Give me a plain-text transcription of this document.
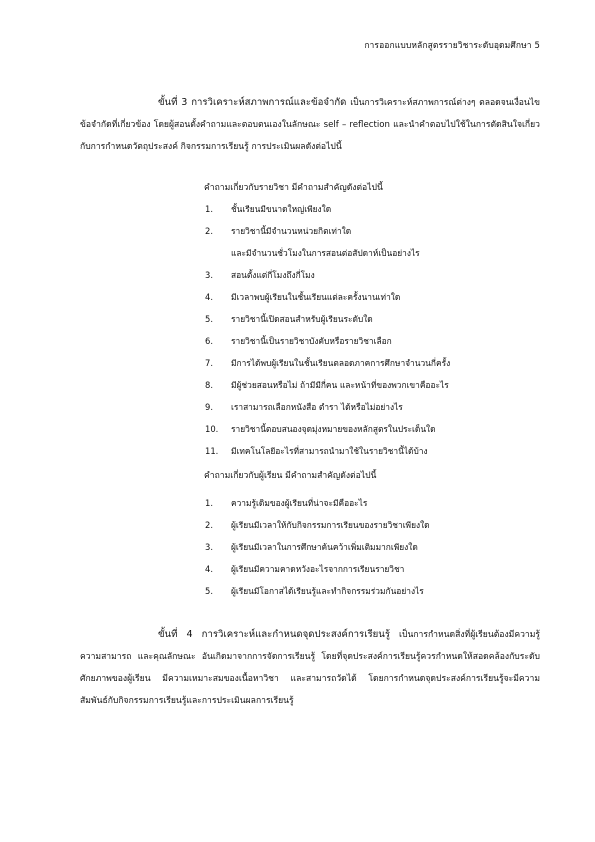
การออกแบบหลักสูตรรายวิชาระดับอุดมศึกษา 5
ขั้นที่ 3 การวิเคราะห์สภาพการณ์และข้อจำกัด เป็นการวิเคราะห์สภาพการณ์ต่างๆ ตลอดจนเงื่อนไขข้อจำกัดที่เกี่ยวข้อง โดยผู้สอนตั้งคำถามและตอบตนเองในลักษณะ self – reflection และนำคำตอบไปใช้ในการตัดสินใจเกี่ยวกับการกำหนดวัตถุประสงค์ กิจกรรมการเรียนรู้ การประเมินผลดังต่อไปนี้
คำถามเกี่ยวกับรายวิชา มีคำถามสำคัญดังต่อไปนี้
1. ชั้นเรียนมีขนาดใหญ่เพียงใด
2. รายวิชานี้มีจำนวนหน่วยกิตเท่าใด
และมีจำนวนชั่วโมงในการสอนต่อสัปดาห์เป็นอย่างไร
3. สอนตั้งแต่กี่โมงถึงกี่โมง
4. มีเวลาพบผู้เรียนในชั้นเรียนแต่ละครั้งนานเท่าใด
5. รายวิชานี้เปิดสอนสำหรับผู้เรียนระดับใด
6. รายวิชานี้เป็นรายวิชาบังคับหรือรายวิชาเลือก
7. มีการได้พบผู้เรียนในชั้นเรียนตลอดภาคการศึกษาจำนวนกี่ครั้ง
8. มีผู้ช่วยสอนหรือไม่ ถ้ามีมีกี่คน และหน้าที่ของพวกเขาคืออะไร
9. เราสามารถเลือกหนังสือ ตำรา ได้หรือไม่อย่างไร
10. รายวิชานี้ตอบสนองจุดมุ่งหมายของหลักสูตรในประเด็นใด
11. มีเทคโนโลยีอะไรที่สามารถนำมาใช้ในรายวิชานี้ได้บ้าง
คำถามเกี่ยวกับผู้เรียน มีคำถามสำคัญดังต่อไปนี้
1. ความรู้เดิมของผู้เรียนที่น่าจะมีคืออะไร
2. ผู้เรียนมีเวลาให้กับกิจกรรมการเรียนของรายวิชาเพียงใด
3. ผู้เรียนมีเวลาในการศึกษาค้นคว้าเพิ่มเติมมากเพียงใด
4. ผู้เรียนมีความคาดหวังอะไรจากการเรียนรายวิชา
5. ผู้เรียนมีโอกาสได้เรียนรู้และทำกิจกรรมร่วมกันอย่างไร
ขั้นที่ 4 การวิเคราะห์และกำหนดจุดประสงค์การเรียนรู้ เป็นการกำหนดสิ่งที่ผู้เรียนต้องมีความรู้ ความสามารถ และคุณลักษณะ อันเกิดมาจากการจัดการเรียนรู้ โดยที่จุดประสงค์การเรียนรู้ควรกำหนดให้สอดคล้องกับระดับศักยภาพของผู้เรียน มีความเหมาะสมของเนื้อหาวิชา และสามารถวัดได้ โดยการกำหนดจุดประสงค์การเรียนรู้จะมีความสัมพันธ์กับกิจกรรมการเรียนรู้และการประเมินผลการเรียนรู้
